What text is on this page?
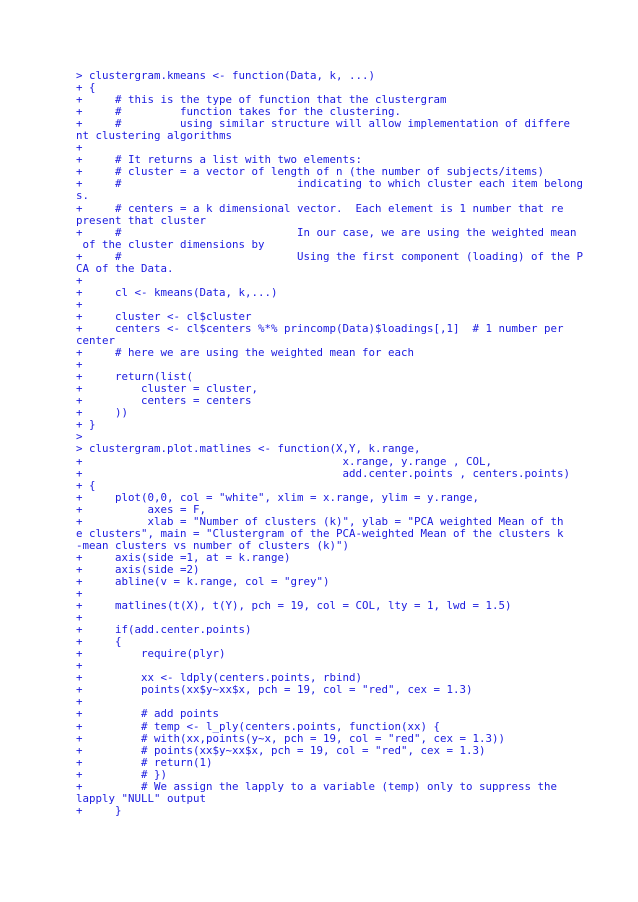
> clustergram.kmeans <- function(Data, k, ...)
+ {
+     # this is the type of function that the clustergram
+     #         function takes for the clustering.
+     #         using similar structure will allow implementation of differe
nt clustering algorithms
+
+     # It returns a list with two elements:
+     # cluster = a vector of length of n (the number of subjects/items)
+     #                           indicating to which cluster each item belong
s.
+     # centers = a k dimensional vector.  Each element is 1 number that re
present that cluster
+     #                           In our case, we are using the weighted mean
of the cluster dimensions by
+     #                           Using the first component (loading) of the P
CA of the Data.
+
+     cl <- kmeans(Data, k,...)
+
+     cluster <- cl$cluster
+     centers <- cl$centers %*% princomp(Data)$loadings[,1]  # 1 number per
center
+     # here we are using the weighted mean for each
+
+     return(list(
+         cluster = cluster,
+         centers = centers
+     ))
+ }
>
> clustergram.plot.matlines <- function(X,Y, k.range,
+                                        x.range, y.range , COL,
+                                        add.center.points , centers.points)
+ {
+     plot(0,0, col = "white", xlim = x.range, ylim = y.range,
+          axes = F,
+          xlab = "Number of clusters (k)", ylab = "PCA weighted Mean of th
e clusters", main = "Clustergram of the PCA-weighted Mean of the clusters k
-mean clusters vs number of clusters (k)")
+     axis(side =1, at = k.range)
+     axis(side =2)
+     abline(v = k.range, col = "grey")
+
+     matlines(t(X), t(Y), pch = 19, col = COL, lty = 1, lwd = 1.5)
+
+     if(add.center.points)
+     {
+         require(plyr)
+
+         xx <- ldply(centers.points, rbind)
+         points(xx$y~xx$x, pch = 19, col = "red", cex = 1.3)
+
+         # add points
+         # temp <- l_ply(centers.points, function(xx) {
+         # with(xx,points(y~x, pch = 19, col = "red", cex = 1.3))
+         # points(xx$y~xx$x, pch = 19, col = "red", cex = 1.3)
+         # return(1)
+         # })
+         # We assign the lapply to a variable (temp) only to suppress the
lapply "NULL" output
+     }
